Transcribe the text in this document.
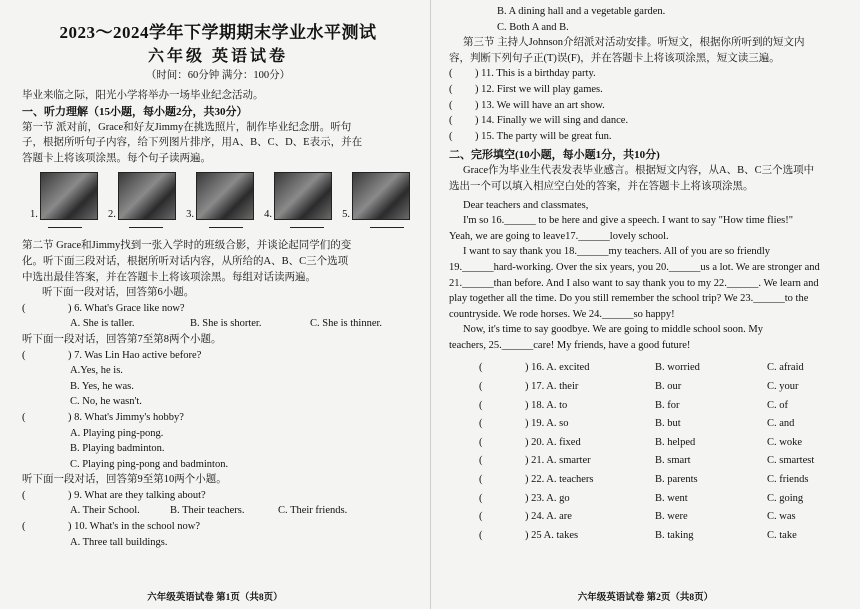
2023～2024学年下学期期末学业水平测试
六年级 英语试卷
（时间：60分钟 满分：100分）
毕业来临之际，阳光小学将举办一场毕业纪念活动。
一、听力理解（15小题，每小题2分，共30分）
第一节 派对前，Grace和好友Jimmy在挑选照片，制作毕业纪念册。听句
子，根据所听句子内容，给下列图片排序，用A、B、C、D、E表示，并在
答题卡上将该项涂黑。每个句子读两遍。
1.	2.	3.	4.	5.
第二节 Grace和Jimmy找到一张入学时的班级合影，并谈论起同学们的变
化。听下面三段对话，根据所听对话内容，从所给的A、B、C三个选项
中选出最佳答案，并在答题卡上将该项涂黑。每组对话读两遍。
听下面一段对话，回答第6小题。
(	) 6. What's Grace like now?
A. She is taller.	B. She is shorter.	C. She is thinner.
听下面一段对话，回答第7至第8两个小题。
(	) 7. Was Lin Hao active before?
A.Yes, he is.
B. Yes, he was.
C. No, he wasn't.
(	) 8. What's Jimmy's hobby?
A. Playing ping-pong.
B. Playing badminton.
C. Playing ping-pong and badminton.
听下面一段对话，回答第9至第10两个小题。
(	) 9. What are they talking about?
A. Their School.	B. Their teachers.	C. Their friends.
(	) 10. What's in the school now?
A. Three tall buildings.
六年级英语试卷 第1页（共8页）
B. A dining hall and a vegetable garden.
C. Both A and B.
第三节 主持人Johnson介绍派对活动安排。听短文，根据你所听到的短文内
容，判断下列句子正(T)误(F)，并在答题卡上将该项涂黑，短文读三遍。
(	) 11. This is a birthday party.
(	) 12. First we will play games.
(	) 13. We will have an art show.
(	) 14. Finally we will sing and dance.
(	) 15. The party will be great fun.
二、完形填空(10小题，每小题1分，共10分)
Grace作为毕业生代表发表毕业感言。根据短文内容，从A、B、C三个选项中
选出一个可以填入相应空白处的答案，并在答题卡上将该项涂黑。
Dear teachers and classmates,
I'm so 16.______ to be here and give a speech. I want to say "How time flies!"
Yeah, we are going to leave17.______lovely school.
I want to say thank you 18.______my teachers. All of you are so friendly
19.______hard-working. Over the six years, you 20.______us a lot. We are stronger and
21.______than before. And I also want to say thank you to my 22.______. We learn and
play together all the time. Do you still remember the school trip? We 23.______to the
countryside. We rode horses. We 24.______so happy!
Now, it's time to say goodbye. We are going to middle school soon. My
teachers, 25.______care! My friends, have a good future!
(	) 16. A. excited	B. worried	C. afraid
(	) 17. A. their	B. our	C. your
(	) 18. A. to	B. for	C. of
(	) 19. A. so	B. but	C. and
(	) 20. A. fixed	B. helped	C. woke
(	) 21. A. smarter	B. smart	C. smartest
(	) 22. A. teachers	B. parents	C. friends
(	) 23. A. go	B. went	C. going
(	) 24. A. are	B. were	C. was
(	) 25 A. takes	B. taking	C. take
六年级英语试卷 第2页（共8页）
